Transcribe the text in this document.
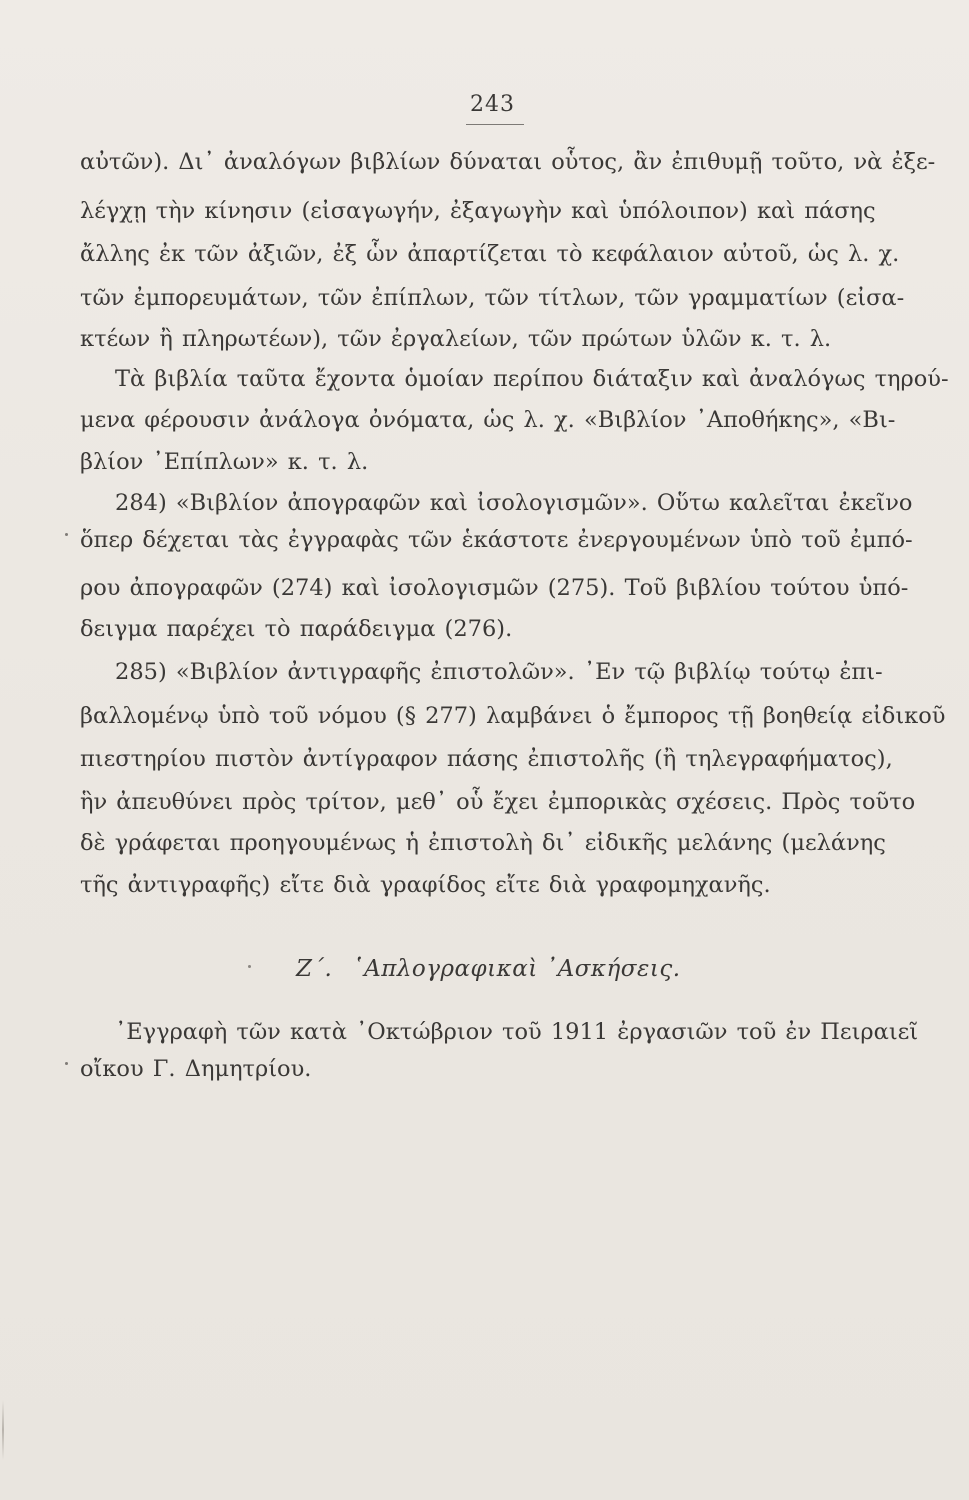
243
αὐτῶν). Δι᾽ ἀναλόγων βιβλίων δύναται οὗτος, ἂν ἐπιθυμῇ τοῦτο, νὰ ἐξε-
λέγχῃ τὴν κίνησιν (εἰσαγωγήν, ἐξαγωγὴν καὶ ὑπόλοιπον) καὶ πάσης
ἄλλης ἐκ τῶν ἀξιῶν, ἐξ ὧν ἀπαρτίζεται τὸ κεφάλαιον αὐτοῦ, ὡς λ. χ.
τῶν ἐμπορευμάτων, τῶν ἐπίπλων, τῶν τίτλων, τῶν γραμματίων (εἰσα-
κτέων ἢ πληρωτέων), τῶν ἐργαλείων, τῶν πρώτων ὑλῶν κ. τ. λ.
Τὰ βιβλία ταῦτα ἔχοντα ὁμοίαν περίπου διάταξιν καὶ ἀναλόγως τηρού-
μενα φέρουσιν ἀνάλογα ὀνόματα, ὡς λ. χ. «Βιβλίον ᾽Αποθήκης», «Βι-
βλίον ᾽Επίπλων» κ. τ. λ.
284) «Βιβλίον ἀπογραφῶν καὶ ἰσολογισμῶν». Οὕτω καλεῖται ἐκεῖνο
ὅπερ δέχεται τὰς ἐγγραφὰς τῶν ἑκάστοτε ἐνεργουμένων ὑπὸ τοῦ ἐμπό-
ρου ἀπογραφῶν (274) καὶ ἰσολογισμῶν (275). Τοῦ βιβλίου τούτου ὑπό-
δειγμα παρέχει τὸ παράδειγμα (276).
285) «Βιβλίον ἀντιγραφῆς ἐπιστολῶν». ᾽Εν τῷ βιβλίῳ τούτῳ ἐπι-
βαλλομένῳ ὑπὸ τοῦ νόμου (§ 277) λαμβάνει ὁ ἔμπορος τῇ βοηθείᾳ εἰδικοῦ
πιεστηρίου πιστὸν ἀντίγραφον πάσης ἐπιστολῆς (ἢ τηλεγραφήματος),
ἣν ἀπευθύνει πρὸς τρίτον, μεθ᾽ οὗ ἔχει ἐμπορικὰς σχέσεις. Πρὸς τοῦτο
δὲ γράφεται προηγουμένως ἡ ἐπιστολὴ δι᾽ εἰδικῆς μελάνης (μελάνης
τῆς ἀντιγραφῆς) εἴτε διὰ γραφίδος εἴτε διὰ γραφομηχανῆς.
Ζ΄. ῾Απλογραφικαὶ ᾽Ασκήσεις.
᾽Εγγραφὴ τῶν κατὰ ᾽Οκτώβριον τοῦ 1911 ἐργασιῶν τοῦ ἐν Πειραιεῖ
οἴκου Γ. Δημητρίου.
